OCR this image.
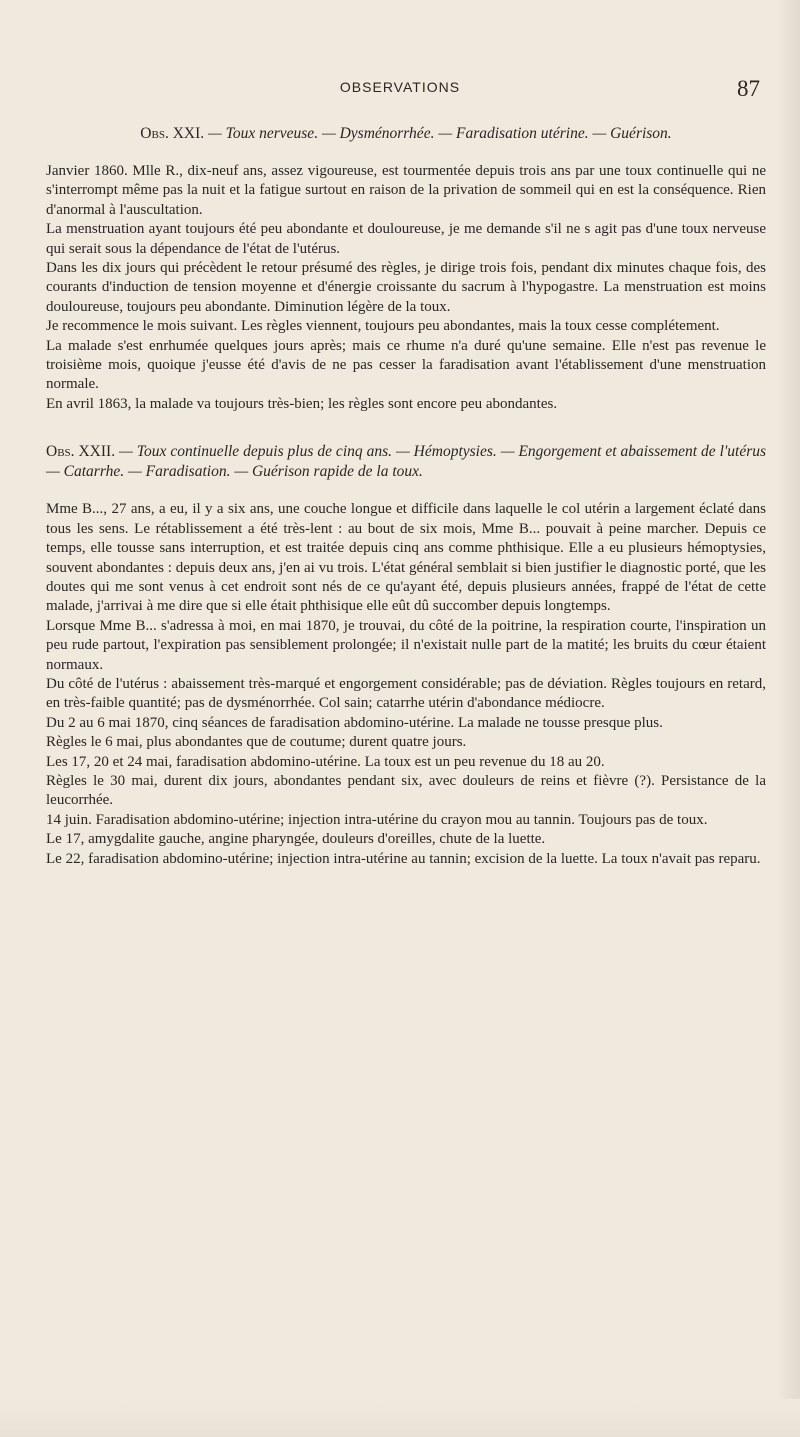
OBSERVATIONS	87
Obs. XXI. — Toux nerveuse. — Dysménorrhée. — Faradisation utérine. — Guérison.

Janvier 1860. Mlle R., dix-neuf ans, assez vigoureuse, est tourmentée depuis trois ans par une toux continuelle qui ne s'interrompt même pas la nuit et la fatigue surtout en raison de la privation de sommeil qui en est la conséquence. Rien d'anormal à l'auscultation.

La menstruation ayant toujours été peu abondante et douloureuse, je me demande s'il ne s agit pas d'une toux nerveuse qui serait sous la dépendance de l'état de l'utérus.

Dans les dix jours qui précèdent le retour présumé des règles, je dirige trois fois, pendant dix minutes chaque fois, des courants d'induction de tension moyenne et d'énergie croissante du sacrum à l'hypogastre. La menstruation est moins douloureuse, toujours peu abondante. Diminution légère de la toux.

Je recommence le mois suivant. Les règles viennent, toujours peu abondantes, mais la toux cesse complétement.

La malade s'est enrhumée quelques jours après; mais ce rhume n'a duré qu'une semaine. Elle n'est pas revenue le troisième mois, quoique j'eusse été d'avis de ne pas cesser la faradisation avant l'établissement d'une menstruation normale.

En avril 1863, la malade va toujours très-bien; les règles sont encore peu abondantes.

Obs. XXII. — Toux continuelle depuis plus de cinq ans. — Hémoptysies. — Engorgement et abaissement de l'utérus — Catarrhe. — Faradisation. — Guérison rapide de la toux.

Mme B..., 27 ans, a eu, il y a six ans, une couche longue et difficile dans laquelle le col utérin a largement éclaté dans tous les sens. Le rétablissement a été très-lent : au bout de six mois, Mme B... pouvait à peine marcher. Depuis ce temps, elle tousse sans interruption, et est traitée depuis cinq ans comme phthisique. Elle a eu plusieurs hémoptysies, souvent abondantes : depuis deux ans, j'en ai vu trois. L'état général semblait si bien justifier le diagnostic porté, que les doutes qui me sont venus à cet endroit sont nés de ce qu'ayant été, depuis plusieurs années, frappé de l'état de cette malade, j'arrivai à me dire que si elle était phthisique elle eût dû succomber depuis longtemps.

Lorsque Mme B... s'adressa à moi, en mai 1870, je trouvai, du côté de la poitrine, la respiration courte, l'inspiration un peu rude partout, l'expiration pas sensiblement prolongée; il n'existait nulle part de la matité; les bruits du cœur étaient normaux.

Du côté de l'utérus : abaissement très-marqué et engorgement considérable; pas de déviation. Règles toujours en retard, en très-faible quantité; pas de dysménorrhée. Col sain; catarrhe utérin d'abondance médiocre.

Du 2 au 6 mai 1870, cinq séances de faradisation abdomino-utérine. La malade ne tousse presque plus.

Règles le 6 mai, plus abondantes que de coutume; durent quatre jours.

Les 17, 20 et 24 mai, faradisation abdomino-utérine. La toux est un peu revenue du 18 au 20.

Règles le 30 mai, durent dix jours, abondantes pendant six, avec douleurs de reins et fièvre (?). Persistance de la leucorrhée.

14 juin. Faradisation abdomino-utérine; injection intra-utérine du crayon mou au tannin. Toujours pas de toux.

Le 17, amygdalite gauche, angine pharyngée, douleurs d'oreilles, chute de la luette.

Le 22, faradisation abdomino-utérine; injection intra-utérine au tannin; excision de la luette. La toux n'avait pas reparu.
